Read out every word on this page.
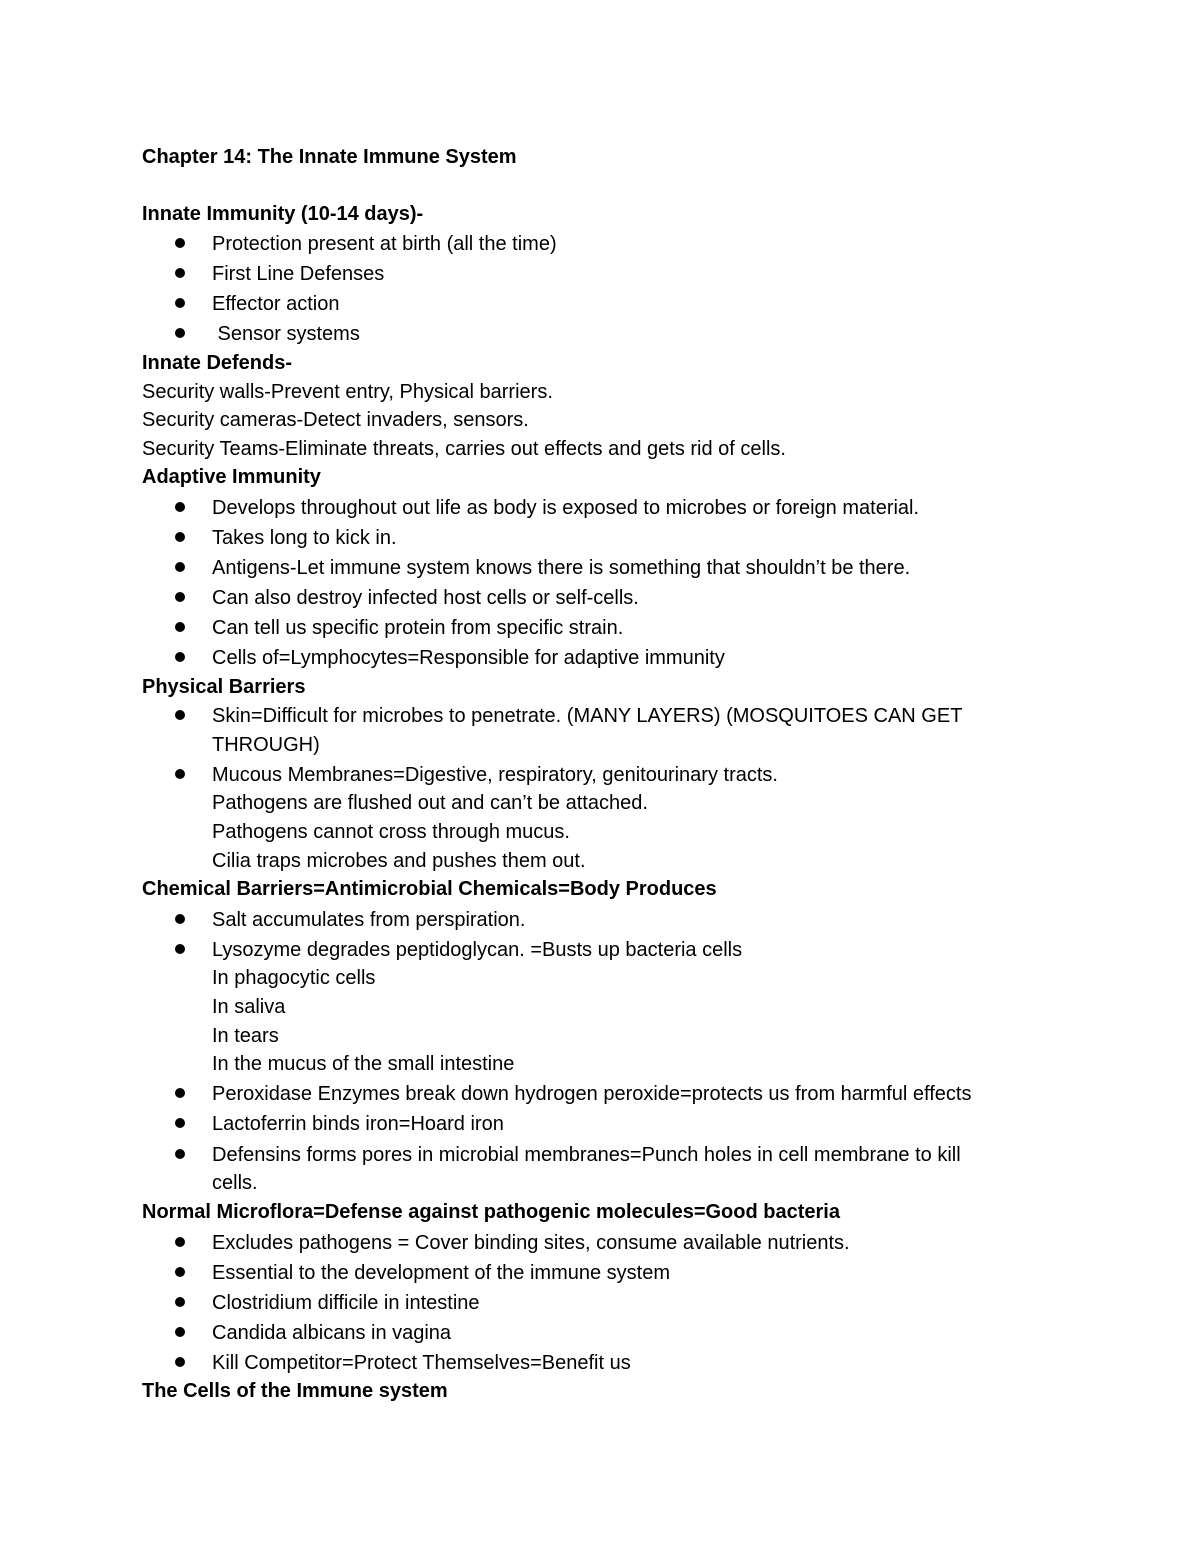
Chapter 14: The Innate Immune System
Innate Immunity (10-14 days)-
Protection present at birth (all the time)
First Line Defenses
Effector action
Sensor systems
Innate Defends-
Security walls-Prevent entry, Physical barriers.
Security cameras-Detect invaders, sensors.
Security Teams-Eliminate threats, carries out effects and gets rid of cells.
Adaptive Immunity
Develops throughout out life as body is exposed to microbes or foreign material.
Takes long to kick in.
Antigens-Let immune system knows there is something that shouldn’t be there.
Can also destroy infected host cells or self-cells.
Can tell us specific protein from specific strain.
Cells of=Lymphocytes=Responsible for adaptive immunity
Physical Barriers
Skin=Difficult for microbes to penetrate. (MANY LAYERS) (MOSQUITOES CAN GET
THROUGH)
Mucous Membranes=Digestive, respiratory, genitourinary tracts.
Pathogens are flushed out and can’t be attached.
Pathogens cannot cross through mucus.
Cilia traps microbes and pushes them out.
Chemical Barriers=Antimicrobial Chemicals=Body Produces
Salt accumulates from perspiration.
Lysozyme degrades peptidoglycan. =Busts up bacteria cells
In phagocytic cells
In saliva
In tears
In the mucus of the small intestine
Peroxidase Enzymes break down hydrogen peroxide=protects us from harmful effects
Lactoferrin binds iron=Hoard iron
Defensins forms pores in microbial membranes=Punch holes in cell membrane to kill
cells.
Normal Microflora=Defense against pathogenic molecules=Good bacteria
Excludes pathogens = Cover binding sites, consume available nutrients.
Essential to the development of the immune system
Clostridium difficile in intestine
Candida albicans in vagina
Kill Competitor=Protect Themselves=Benefit us
The Cells of the Immune system
